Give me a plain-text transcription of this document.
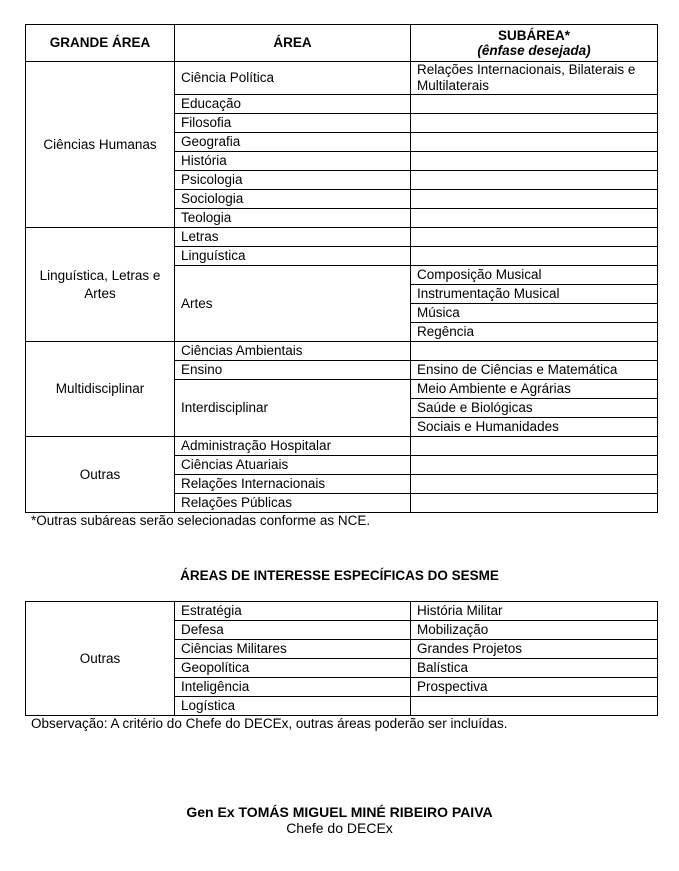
GRANDE ÁREA	ÁREA	SUBÁREA*
(ênfase desejada)

Ciências Humanas	Ciência Política	Relações Internacionais, Bilaterais e Multilaterais

	Educação	
	Filosofia	
	Geografia	
	História	
	Psicologia	
	Sociologia	
	Teologia	
Linguística, Letras e Artes	Letras	
	Linguística	
	Artes	Composição Musical
		Instrumentação Musical
		Música
		Regência
Multidisciplinar	Ciências Ambientais	
	Ensino	Ensino de Ciências e Matemática
	Interdisciplinar	Meio Ambiente e Agrárias
		Saúde e Biológicas
		Sociais e Humanidades
Outras	Administração Hospitalar	
	Ciências Atuariais	
	Relações Internacionais	
	Relações Públicas	
*Outras subáreas serão selecionadas conforme as NCE.
ÁREAS DE INTERESSE ESPECÍFICAS DO SESME
Outras	Estratégia	História Militar
	Defesa	Mobilização
	Ciências Militares	Grandes Projetos
	Geopolítica	Balística
	Inteligência	Prospectiva
	Logística	
Observação: A critério do Chefe do DECEx, outras áreas poderão ser incluídas.
Gen Ex TOMÁS MIGUEL MINÉ RIBEIRO PAIVA
Chefe do DECEx
